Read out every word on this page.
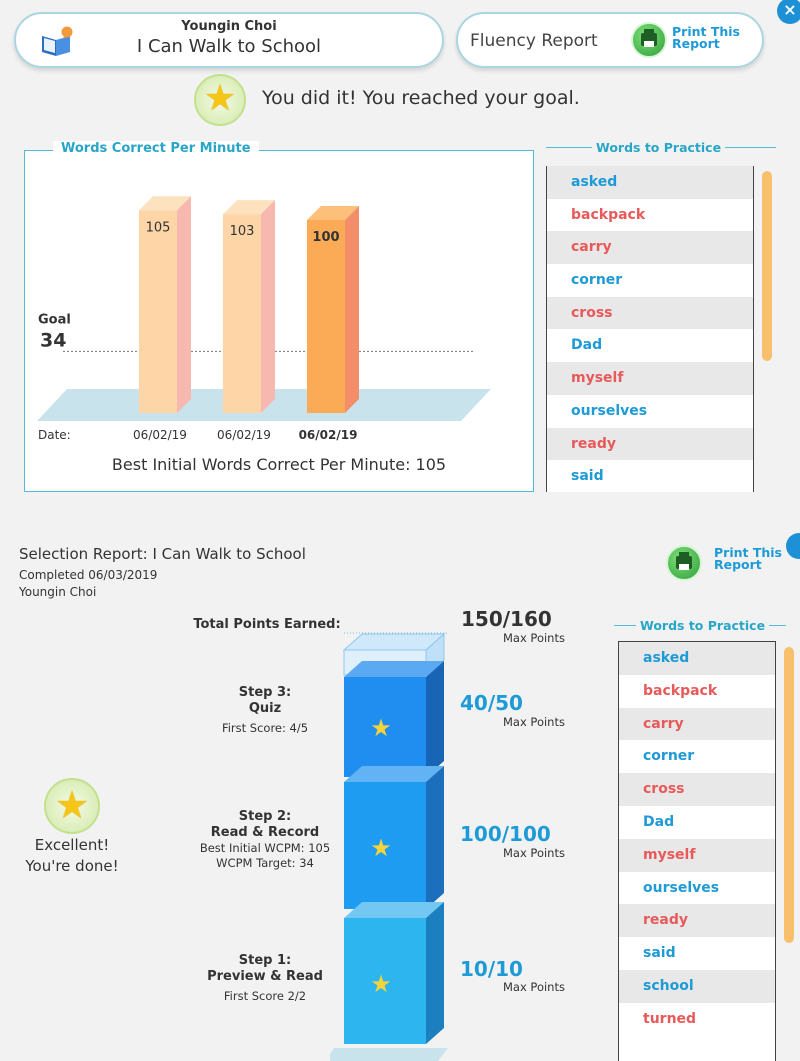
Youngin Choi
I Can Walk to School	Fluency Report	Print This
Report
×
★	You did it! You reached your goal.
Goal
34
105
06/02/19
103
06/02/19
100
06/02/19
Date:
Words Correct Per Minute
Best Initial Words Correct Per Minute: 105
Words to Practice
asked
backpack
carry
corner
cross
Dad
myself
ourselves
ready
said
Selection Report: I Can Walk to School
Completed 06/03/2019
Youngin Choi
Print This
Report
Total Points Earned:	150/160
Max Points
Step 3:
Quiz
First Score: 4/5
Step 2:
Read & Record
Best Initial WCPM: 105
WCPM Target: 34
Step 1:
Preview & Read
First Score 2/2
40/50
Max Points
100/100
Max Points
10/10
Max Points
★
★
★
★
Excellent!
You're done!
Words to Practice
asked
backpack
carry
corner
cross
Dad
myself
ourselves
ready
said
school
turned
